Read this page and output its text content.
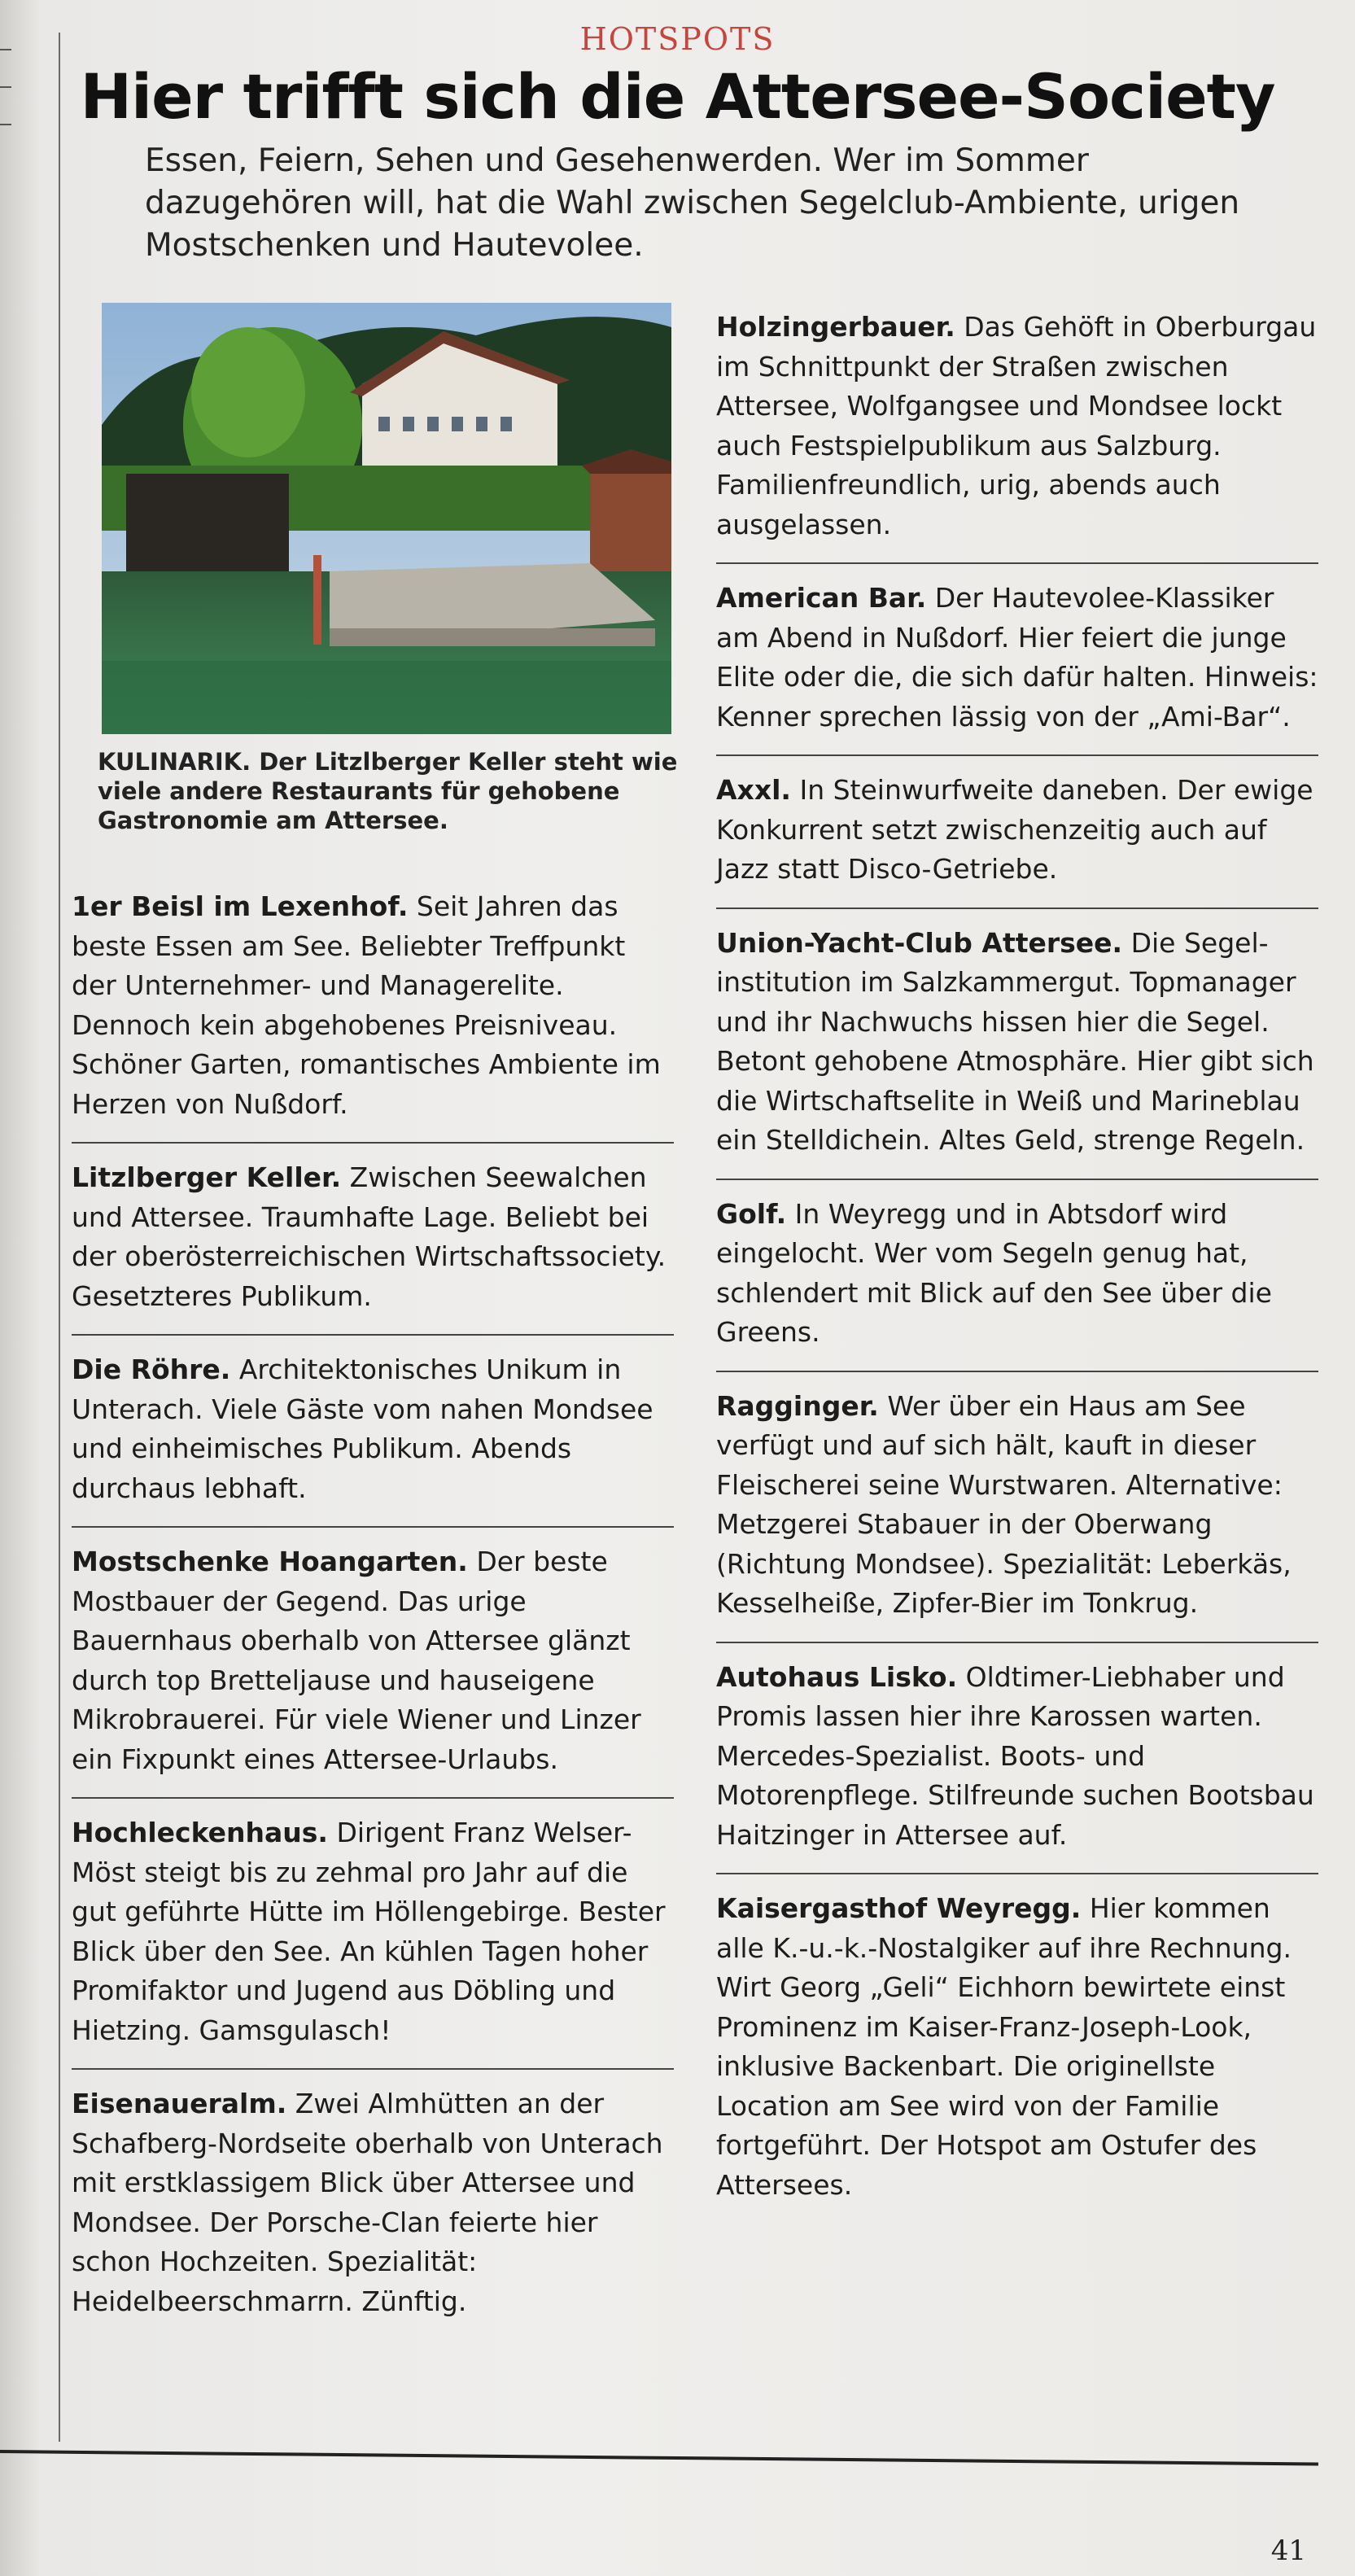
HOTSPOTS
Hier trifft sich die Attersee-Society
Essen, Feiern, Sehen und Gesehenwerden. Wer im Sommer dazugehören will, hat die Wahl zwischen Segelclub-Ambiente, urigen Mostschenken und Hautevolee.
KULINARIK. Der Litzlberger Keller steht wie viele andere Restaurants für gehobene Gastronomie am Attersee.
1er Beisl im Lexenhof. Seit Jahren das beste Essen am See. Beliebter Treffpunkt der Unternehmer- und Managerelite. Dennoch kein abgehobenes Preisniveau. Schöner Garten, romantisches Ambiente im Herzen von Nußdorf.
Litzlberger Keller. Zwischen Seewalchen und Attersee. Traumhafte Lage. Beliebt bei der oberösterreichischen Wirtschaftssociety. Gesetzteres Publikum.
Die Röhre. Architektonisches Unikum in Unterach. Viele Gäste vom nahen Mondsee und einheimisches Publikum. Abends durchaus lebhaft.
Mostschenke Hoangarten. Der beste Mostbauer der Gegend. Das urige Bauernhaus oberhalb von Attersee glänzt durch top Bretteljause und hauseigene Mikrobrauerei. Für viele Wiener und Linzer ein Fixpunkt eines Attersee-Urlaubs.
Hochleckenhaus. Dirigent Franz Welser-Möst steigt bis zu zehmal pro Jahr auf die gut geführte Hütte im Höllengebirge. Bester Blick über den See. An kühlen Tagen hoher Promifaktor und Jugend aus Döbling und Hietzing. Gamsgulasch!
Eisenaueralm. Zwei Almhütten an der Schafberg-Nordseite oberhalb von Unterach mit erstklassigem Blick über Attersee und Mondsee. Der Porsche-Clan feierte hier schon Hochzeiten. Spezialität: Heidelbeerschmarrn. Zünftig.
Holzingerbauer. Das Gehöft in Oberburgau im Schnittpunkt der Straßen zwischen Attersee, Wolfgangsee und Mondsee lockt auch Festspielpublikum aus Salzburg. Familienfreundlich, urig, abends auch ausgelassen.
American Bar. Der Hautevolee-Klassiker am Abend in Nußdorf. Hier feiert die junge Elite oder die, die sich dafür halten. Hinweis: Kenner sprechen lässig von der „Ami-Bar“.
Axxl. In Steinwurfweite daneben. Der ewige Konkurrent setzt zwischenzeitig auch auf Jazz statt Disco-Getriebe.
Union-Yacht-Club Attersee. Die Segelinstitution im Salzkammergut. Topmanager und ihr Nachwuchs hissen hier die Segel. Betont gehobene Atmosphäre. Hier gibt sich die Wirtschaftselite in Weiß und Marineblau ein Stelldichein. Altes Geld, strenge Regeln.
Golf. In Weyregg und in Abtsdorf wird eingelocht. Wer vom Segeln genug hat, schlendert mit Blick auf den See über die Greens.
Ragginger. Wer über ein Haus am See verfügt und auf sich hält, kauft in dieser Fleischerei seine Wurstwaren. Alternative: Metzgerei Stabauer in der Oberwang (Richtung Mondsee). Spezialität: Leberkäs, Kesselheiße, Zipfer-Bier im Tonkrug.
Autohaus Lisko. Oldtimer-Liebhaber und Promis lassen hier ihre Karossen warten. Mercedes-Spezialist. Boots- und Motorenpflege. Stilfreunde suchen Bootsbau Haitzinger in Attersee auf.
Kaisergasthof Weyregg. Hier kommen alle K.-u.-k.-Nostalgiker auf ihre Rechnung. Wirt Georg „Geli“ Eichhorn bewirtete einst Prominenz im Kaiser-Franz-Joseph-Look, inklusive Backenbart. Die originellste Location am See wird von der Familie fortgeführt. Der Hotspot am Ostufer des Attersees.
41
